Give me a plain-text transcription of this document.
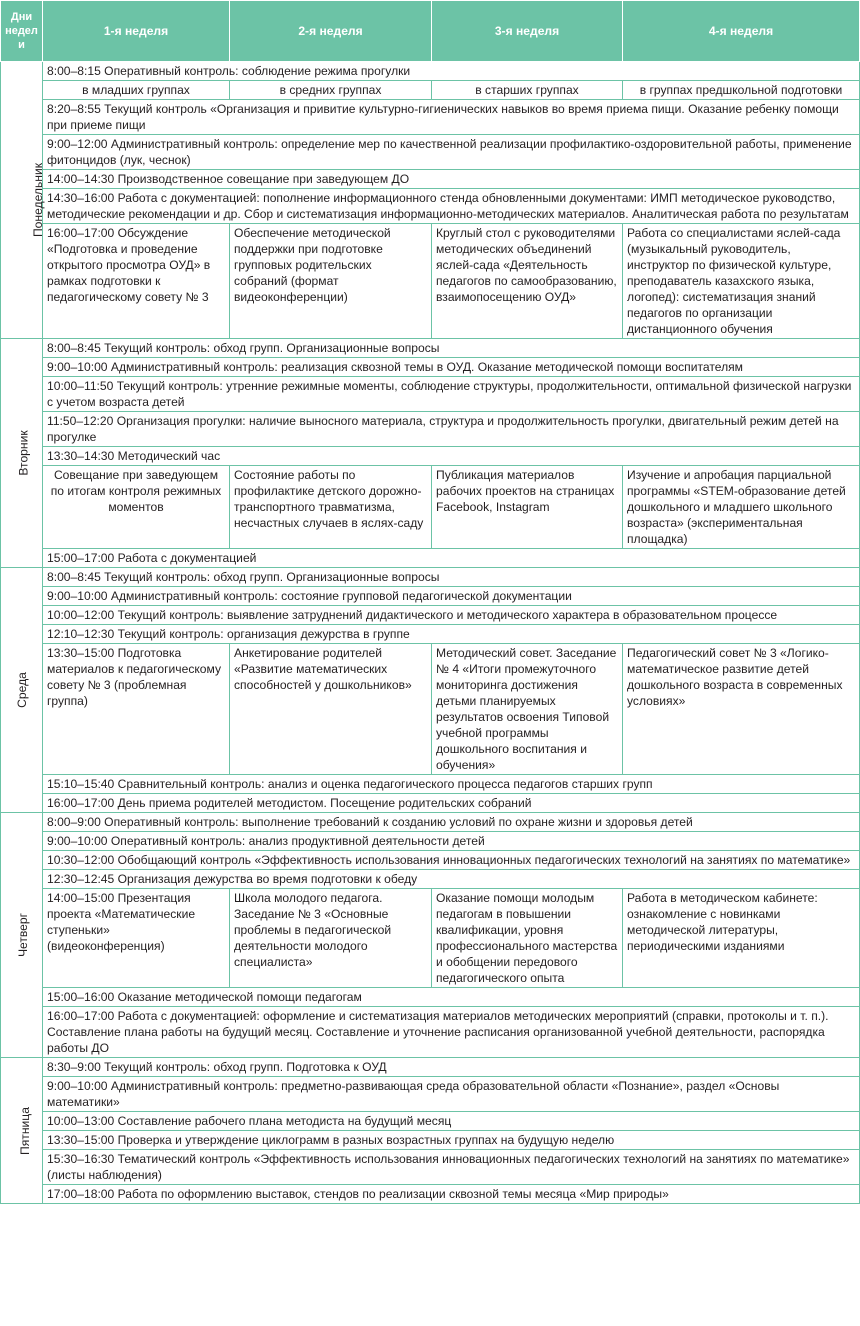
Дни недели	1-я неделя	2-я неделя	3-я неделя	4-я неделя
Понедельник	8:00–8:15 Оперативный контроль: соблюдение режима прогулки			
	в младших группах	в средних группах	в старших группах	в группах предшкольной подготовки
	8:20–8:55 Текущий контроль «Организация и привитие культурно-гигиенических навыков во время приема пищи. Оказание ребенку помощи при приеме пищи			
	9:00–12:00 Административный контроль: определение мер по качественной реализации профилактико-оздоровительной работы, применение фитонцидов (лук, чеснок)			
	14:00–14:30 Производственное совещание при заведующем ДО			
	14:30–16:00 Работа с документацией: пополнение информационного стенда обновленными документами: ИМП методическое руководство, методические рекомендации и др. Сбор и систематизация информационно-методических материалов. Аналитическая работа по результатам			
	16:00–17:00 Обсуждение «Подготовка и проведение открытого просмотра ОУД» в рамках подготовки к педагогическому совету № 3	Обеспечение методической поддержки при подготовке групповых родительских собраний (формат видеоконференции)	Круглый стол с руководителями методических объединений яслей-сада «Деятельность педагогов по самообразованию, взаимопосещению ОУД»	Работа со специалистами яслей-сада (музыкальный руководитель, инструктор по физической культуре, преподаватель казахского языка, логопед): систематизация знаний педагогов по организации дистанционного обучения
Вторник	8:00–8:45 Текущий контроль: обход групп. Организационные вопросы			
	9:00–10:00 Административный контроль: реализация сквозной темы в ОУД. Оказание методической помощи воспитателям			
	10:00–11:50 Текущий контроль: утренние режимные моменты, соблюдение структуры, продолжительности, оптимальной физической нагрузки с учетом возраста детей			
	11:50–12:20 Организация прогулки: наличие выносного материала, структура и продолжительность прогулки, двигательный режим детей на прогулке			
	13:30–14:30 Методический час			
	Совещание при заведующем по итогам контроля режимных моментов	Состояние работы по профилактике детского дорожно-транспортного травматизма, несчастных случаев в яслях-саду	Публикация материалов рабочих проектов на страницах Facebook, Instagram	Изучение и апробация парциальной программы «STEM-образование детей дошкольного и младшего школьного возраста» (экспериментальная площадка)
	15:00–17:00 Работа с документацией			
Среда	8:00–8:45 Текущий контроль: обход групп. Организационные вопросы			
	9:00–10:00 Административный контроль: состояние групповой педагогической документации			
	10:00–12:00 Текущий контроль: выявление затруднений дидактического и методического характера в образовательном процессе			
	12:10–12:30 Текущий контроль: организация дежурства в группе			
	13:30–15:00 Подготовка материалов к педагогическому совету № 3 (проблемная группа)	Анкетирование родителей «Развитие математических способностей у дошкольников»	Методический совет. Заседание № 4 «Итоги промежуточного мониторинга достижения детьми планируемых результатов освоения Типовой учебной программы дошкольного воспитания и обучения»	Педагогический совет № 3 «Логико-математическое развитие детей дошкольного возраста в современных условиях»
	15:10–15:40 Сравнительный контроль: анализ и оценка педагогического процесса педагогов старших групп			
	16:00–17:00 День приема родителей методистом. Посещение родительских собраний			
Четверг	8:00–9:00 Оперативный контроль: выполнение требований к созданию условий по охране жизни и здоровья детей			
	9:00–10:00 Оперативный контроль: анализ продуктивной деятельности детей			
	10:30–12:00 Обобщающий контроль «Эффективность использования инновационных педагогических технологий на занятиях по математике»			
	12:30–12:45 Организация дежурства во время подготовки к обеду			
	14:00–15:00 Презентация проекта «Математические ступеньки» (видеоконференция)	Школа молодого педагога. Заседание № 3 «Основные проблемы в педагогической деятельности молодого специалиста»	Оказание помощи молодым педагогам в повышении квалификации, уровня профессионального мастерства и обобщении передового педагогического опыта	Работа в методическом кабинете: ознакомление с новинками методической литературы, периодическими изданиями
	15:00–16:00 Оказание методической помощи педагогам			
	16:00–17:00 Работа с документацией: оформление и систематизация материалов методических мероприятий (справки, протоколы и т. п.). Составление плана работы на будущий месяц. Составление и уточнение расписания организованной учебной деятельности, распорядка работы ДО			
Пятница	8:30–9:00 Текущий контроль: обход групп. Подготовка к ОУД			
	9:00–10:00 Административный контроль: предметно-развивающая среда образовательной области «Познание», раздел «Основы математики»			
	10:00–13:00 Составление рабочего плана методиста на будущий месяц			
	13:30–15:00 Проверка и утверждение циклограмм в разных возрастных группах на будущую неделю			
	15:30–16:30 Тематический контроль «Эффективность использования инновационных педагогических технологий на занятиях по математике» (листы наблюдения)			
	17:00–18:00 Работа по оформлению выставок, стендов по реализации сквозной темы месяца «Мир природы»			
